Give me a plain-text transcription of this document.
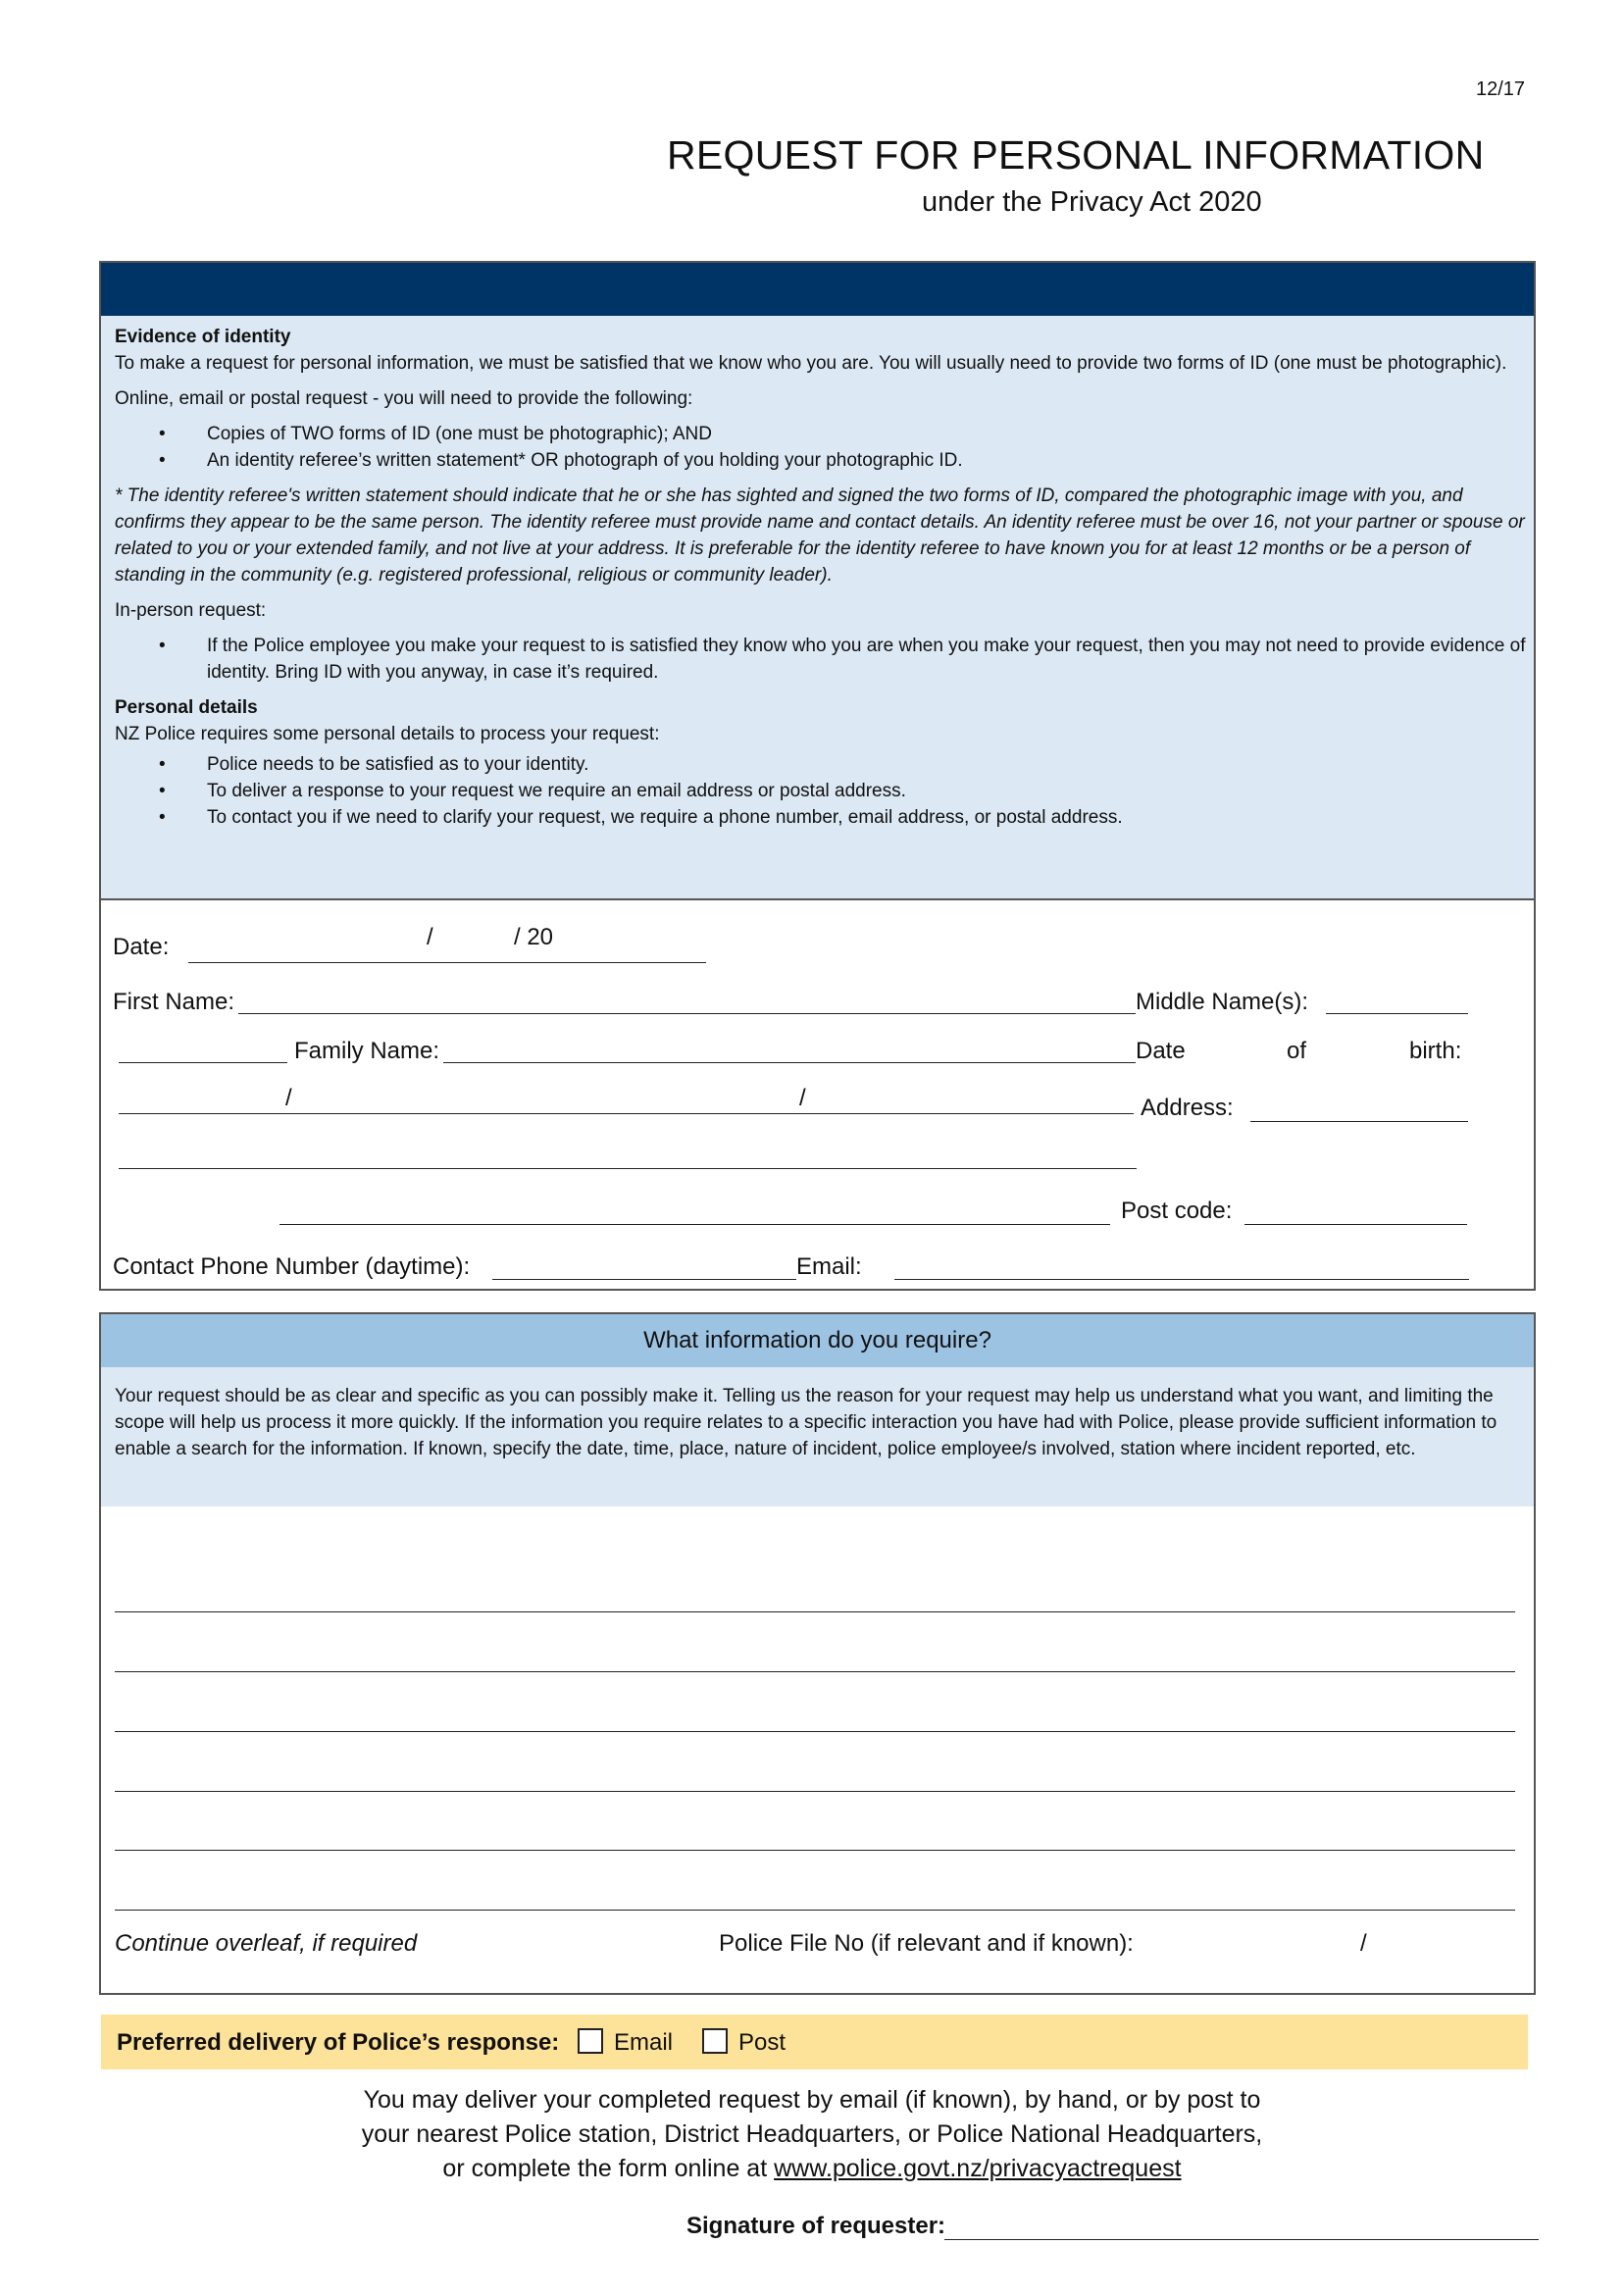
12/17
REQUEST FOR PERSONAL INFORMATION
under the Privacy Act 2020

Evidence of identity

To make a request for personal information, we must be satisfied that we know who you are. You will usually need to provide two forms of ID (one must be photographic).

Online, email or postal request - you will need to provide the following:

• Copies of TWO forms of ID (one must be photographic); AND
• An identity referee’s written statement* OR photograph of you holding your photographic ID.

* The identity referee's written statement should indicate that he or she has sighted and signed the two forms of ID, compared the photographic image with you, and confirms they appear to be the same person. The identity referee must provide name and contact details. An identity referee must be over 16, not your partner or spouse or related to you or your extended family, and not live at your address. It is preferable for the identity referee to have known you for at least 12 months or be a person of standing in the community (e.g. registered professional, religious or community leader).

In-person request:

• If the Police employee you make your request to is satisfied they know who you are when you make your request, then you may not need to provide evidence of identity. Bring ID with you anyway, in case it’s required.

Personal details

NZ Police requires some personal details to process your request:

• Police needs to be satisfied as to your identity.
• To deliver a response to your request we require an email address or postal address.
• To contact you if we need to clarify your request, we require a phone number, email address, or postal address.
Date:	/	/ 20
First Name:	Middle Name(s):
Family Name:	Date	of	birth:
/	/	Address:
Post code:
Contact Phone Number (daytime):	Email:
What information do you require?
Your request should be as clear and specific as you can possibly make it. Telling us the reason for your request may help us understand what you want, and limiting the scope will help us process it more quickly. If the information you require relates to a specific interaction you have had with Police, please provide sufficient information to enable a search for the information. If known, specify the date, time, place, nature of incident, police employee/s involved, station where incident reported, etc.
Continue overleaf, if required	Police File No (if relevant and if known):	/
Preferred delivery of Police’s response: Email	Post
You may deliver your completed request by email (if known), by hand, or by post to
your nearest Police station, District Headquarters, or Police National Headquarters,
or complete the form online at www.police.govt.nz/privacyactrequest
Signature of requester:
